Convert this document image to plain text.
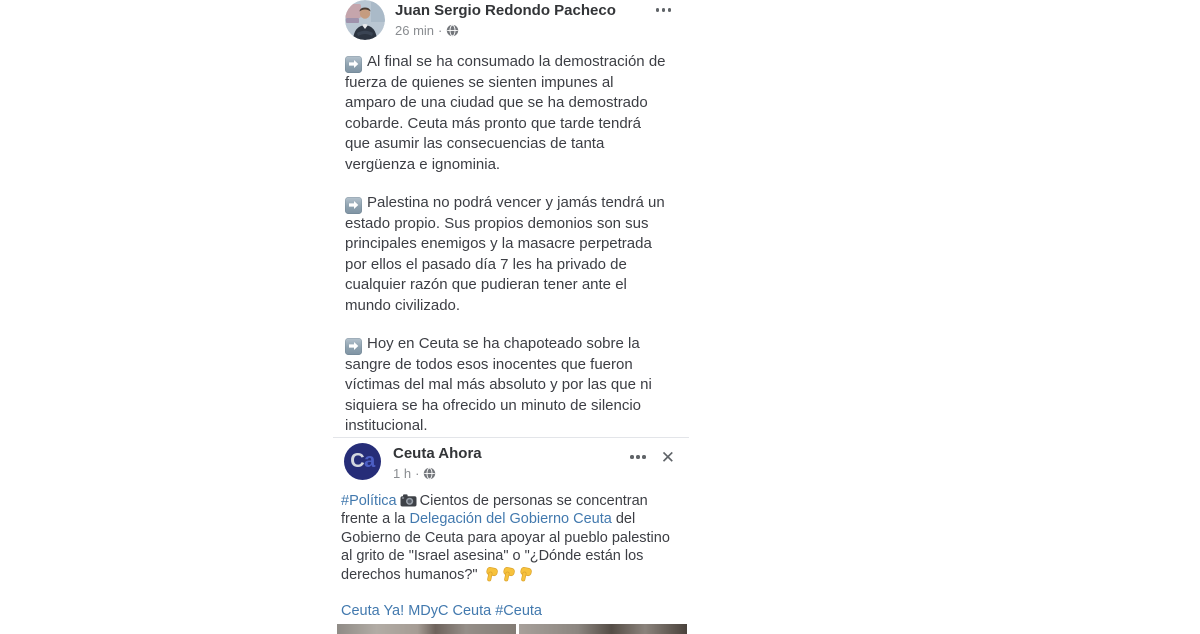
Juan Sergio Redondo Pacheco
26 min ·

Al final se ha consumado la demostración de fuerza de quienes se sienten impunes al amparo de una ciudad que se ha demostrado cobarde. Ceuta más pronto que tarde tendrá que asumir las consecuencias de tanta vergüenza e ignominia.

Palestina no podrá vencer y jamás tendrá un estado propio. Sus propios demonios son sus principales enemigos y la masacre perpetrada por ellos el pasado día 7 les ha privado de cualquier razón que pudieran tener ante el mundo civilizado.

Hoy en Ceuta se ha chapoteado sobre la sangre de todos esos inocentes que fueron víctimas del mal más absoluto y por las que ni siquiera se ha ofrecido un minuto de silencio institucional.

C a Ceuta Ahora
1 h ·
✕
#Política Cientos de personas se concentran frente a la Delegación del Gobierno Ceuta del Gobierno de Ceuta para apoyar al pueblo palestino al grito de "Israel asesina" o "¿Dónde están los derechos humanos?"
Ceuta Ya! MDyC Ceuta #Ceuta
